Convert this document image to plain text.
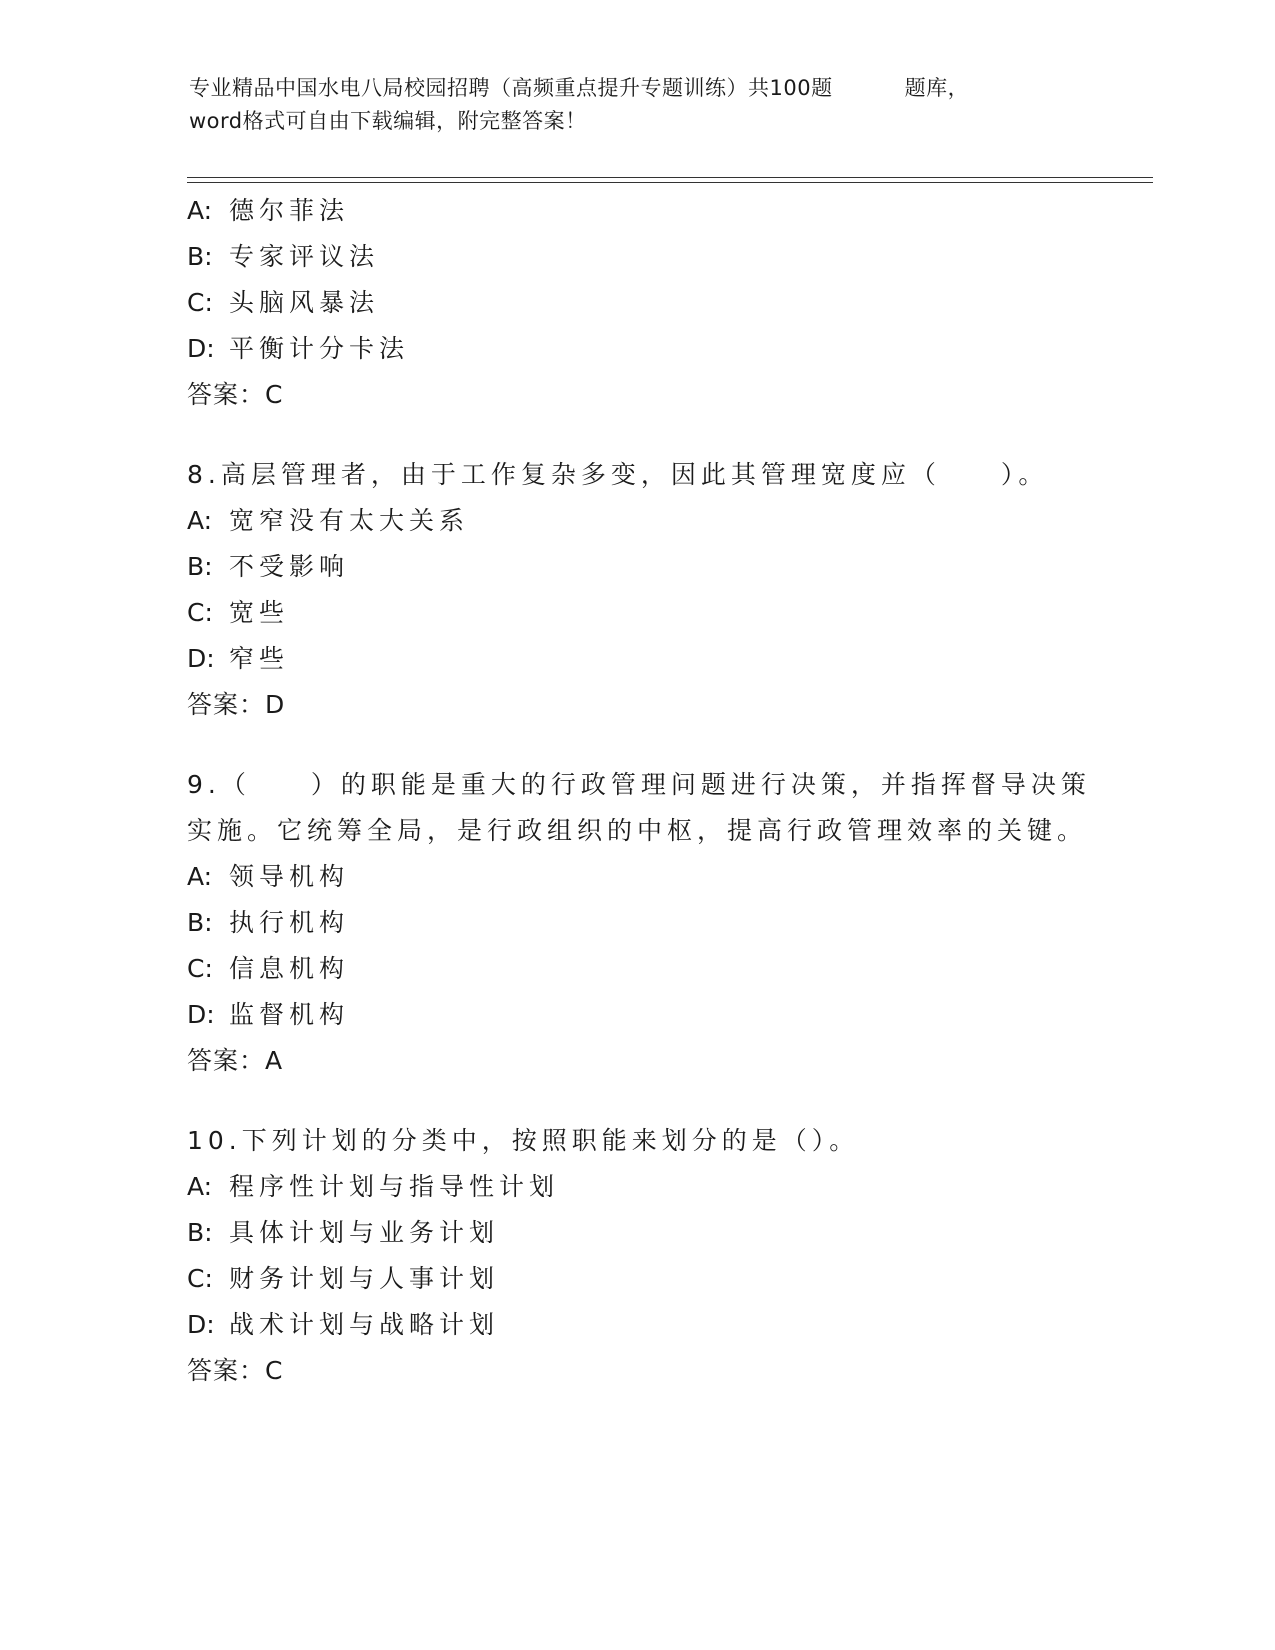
专业精品中国水电八局校园招聘（高频重点提升专题训练）共100题	题库，
word格式可自由下载编辑，附完整答案！
A: 德尔菲法
B: 专家评议法
C: 头脑风暴法
D: 平衡计分卡法
答案：C
8.高层管理者，由于工作复杂多变，因此其管理宽度应（　　）。
A: 宽窄没有太大关系
B: 不受影响
C: 宽些
D: 窄些
答案：D
9.（　　）的职能是重大的行政管理问题进行决策，并指挥督导决策
实施。它统筹全局，是行政组织的中枢，提高行政管理效率的关键。
A: 领导机构
B: 执行机构
C: 信息机构
D: 监督机构
答案：A
10.下列计划的分类中，按照职能来划分的是（）。
A: 程序性计划与指导性计划
B: 具体计划与业务计划
C: 财务计划与人事计划
D: 战术计划与战略计划
答案：C
